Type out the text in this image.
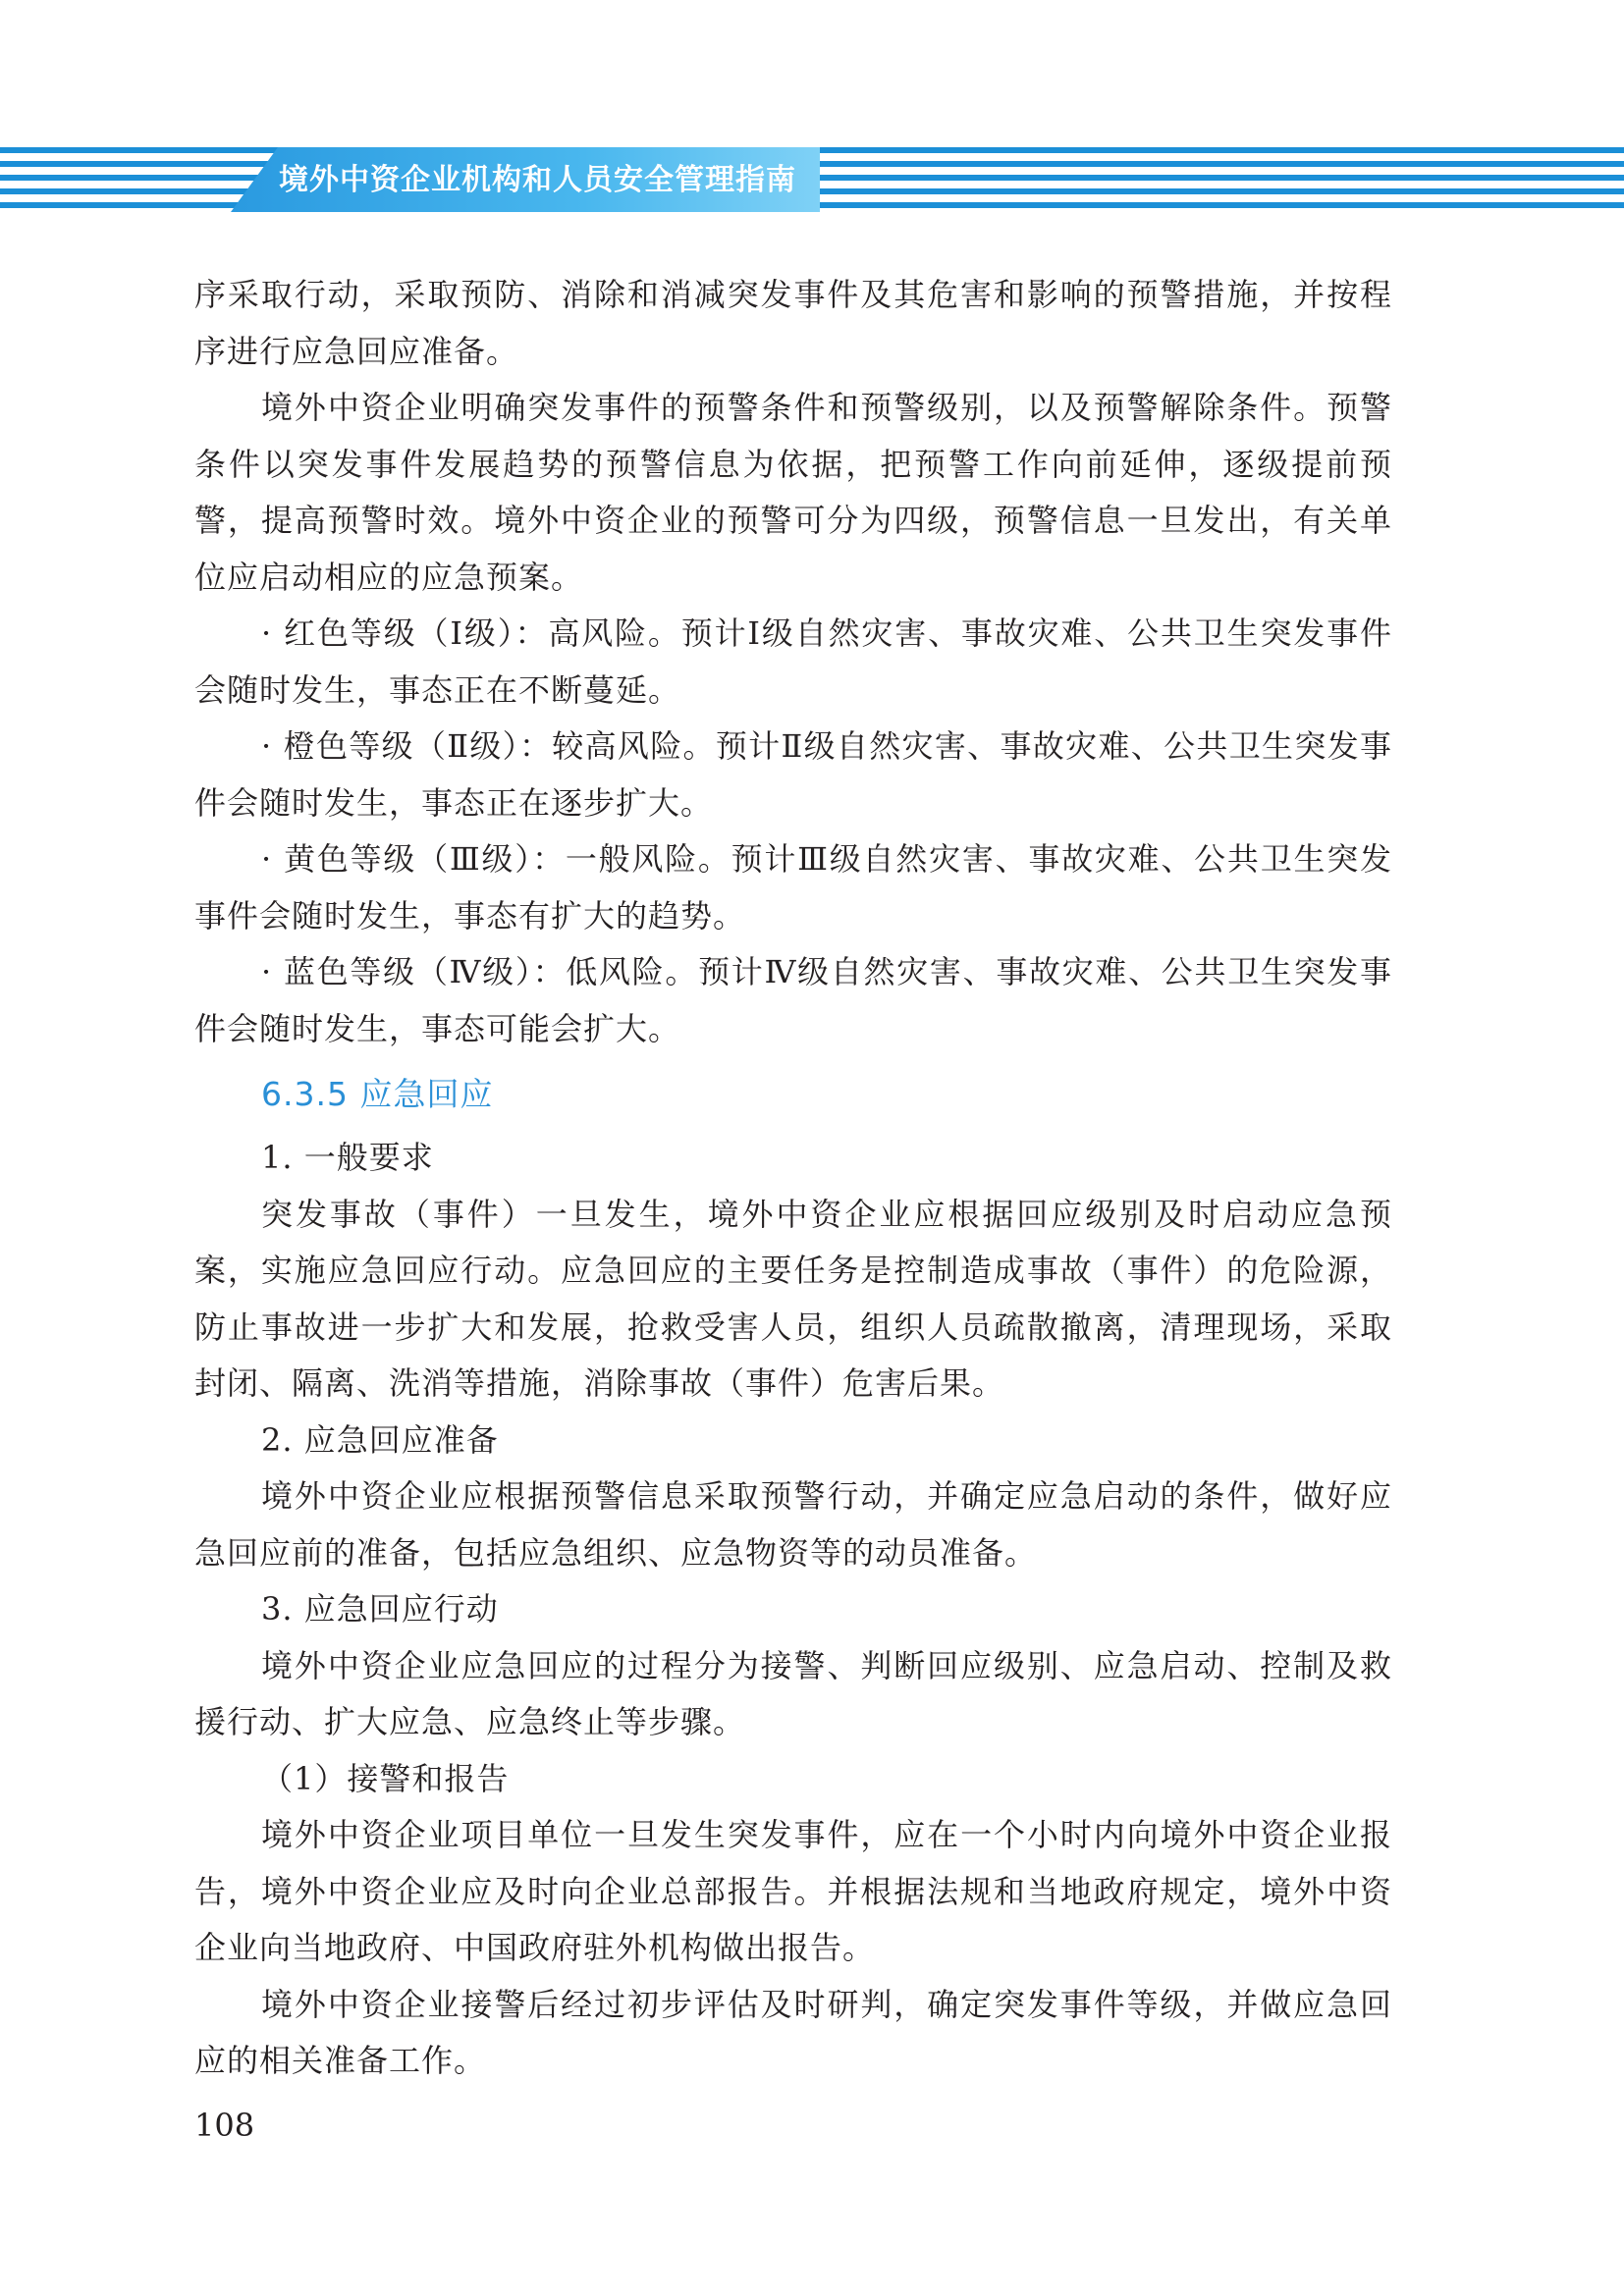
境外中资企业机构和人员安全管理指南

序采取行动，采取预防、消除和消减突发事件及其危害和影响的预警措施，并按程序进行应急回应准备。

境外中资企业明确突发事件的预警条件和预警级别，以及预警解除条件。预警条件以突发事件发展趋势的预警信息为依据，把预警工作向前延伸，逐级提前预警，提高预警时效。境外中资企业的预警可分为四级，预警信息一旦发出，有关单位应启动相应的应急预案。

· 红色等级（Ⅰ级）：高风险。预计Ⅰ级自然灾害、事故灾难、公共卫生突发事件会随时发生，事态正在不断蔓延。

· 橙色等级（Ⅱ级）：较高风险。预计Ⅱ级自然灾害、事故灾难、公共卫生突发事件会随时发生，事态正在逐步扩大。

· 黄色等级（Ⅲ级）：一般风险。预计Ⅲ级自然灾害、事故灾难、公共卫生突发事件会随时发生，事态有扩大的趋势。

· 蓝色等级（Ⅳ级）：低风险。预计Ⅳ级自然灾害、事故灾难、公共卫生突发事件会随时发生，事态可能会扩大。

6.3.5 应急回应

1. 一般要求

突发事故（事件）一旦发生，境外中资企业应根据回应级别及时启动应急预案，实施应急回应行动。应急回应的主要任务是控制造成事故（事件）的危险源，防止事故进一步扩大和发展，抢救受害人员，组织人员疏散撤离，清理现场，采取封闭、隔离、洗消等措施，消除事故（事件）危害后果。

2. 应急回应准备

境外中资企业应根据预警信息采取预警行动，并确定应急启动的条件，做好应急回应前的准备，包括应急组织、应急物资等的动员准备。

3. 应急回应行动

境外中资企业应急回应的过程分为接警、判断回应级别、应急启动、控制及救援行动、扩大应急、应急终止等步骤。

（1）接警和报告

境外中资企业项目单位一旦发生突发事件，应在一个小时内向境外中资企业报告，境外中资企业应及时向企业总部报告。并根据法规和当地政府规定，境外中资企业向当地政府、中国政府驻外机构做出报告。

境外中资企业接警后经过初步评估及时研判，确定突发事件等级，并做应急回应的相关准备工作。

108
